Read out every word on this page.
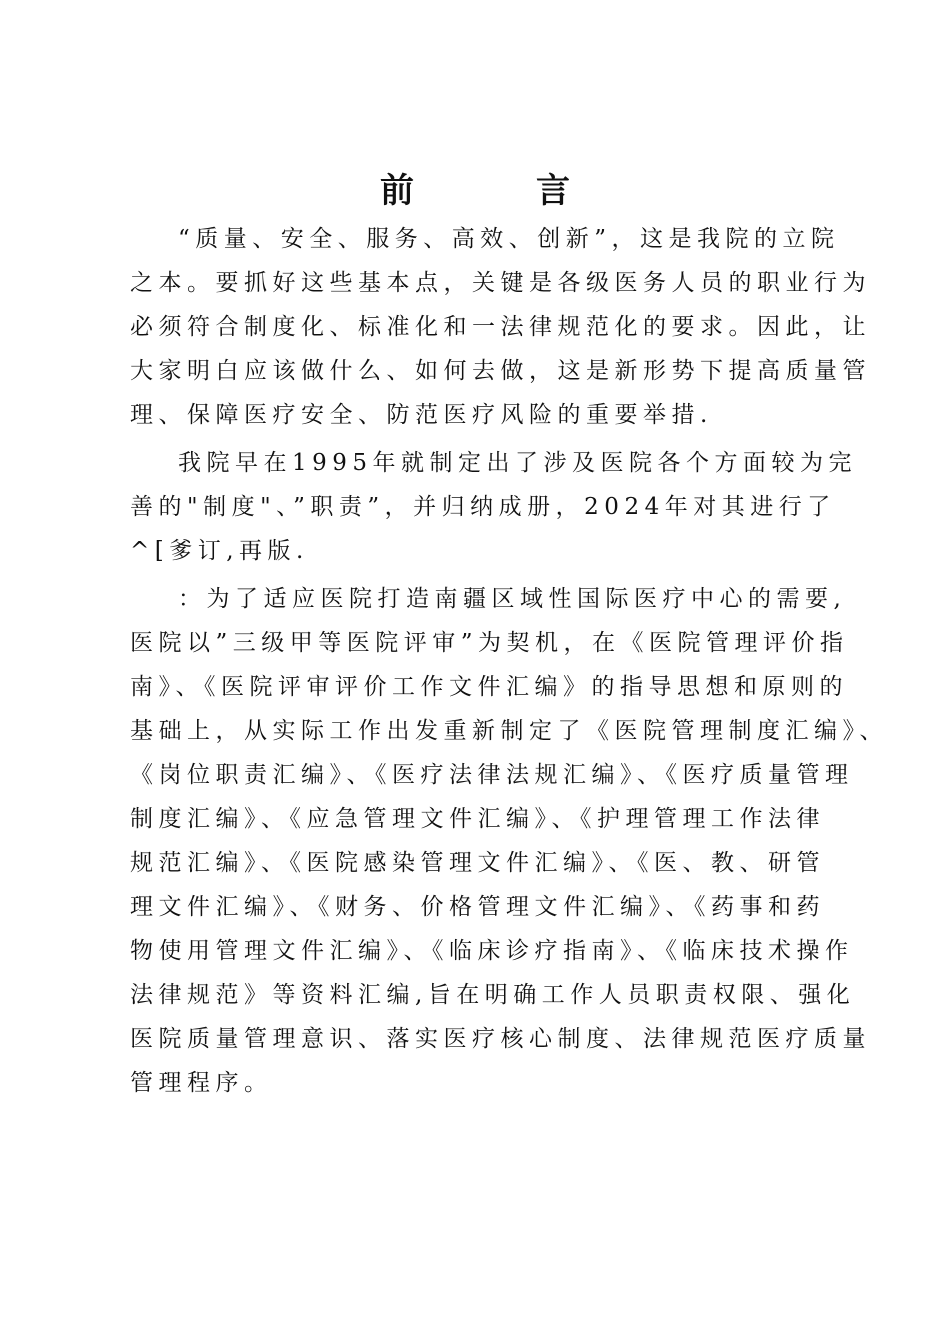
前　言
“质量、安全、服务、高效、创新”，这是我院的立院
之本。要抓好这些基本点，关键是各级医务人员的职业行为
必须符合制度化、标准化和一法律规范化的要求。因此，让
大家明白应该做什么、如何去做，这是新形势下提高质量管
理、保障医疗安全、防范医疗风险的重要举措.
我院早在1995年就制定出了涉及医院各个方面较为完
善的"制度"、”职责”，并归纳成册，2024年对其进行了
^[爹订,再版.
：为了适应医院打造南疆区域性国际医疗中心的需要,
医院以”三级甲等医院评审”为契机，在《医院管理评价指
南》、《医院评审评价工作文件汇编》的指导思想和原则的
基础上，从实际工作出发重新制定了《医院管理制度汇编》、
《岗位职责汇编》、《医疗法律法规汇编》、《医疗质量管理
制度汇编》、《应急管理文件汇编》、《护理管理工作法律
规范汇编》、《医院感染管理文件汇编》、《医、教、研管
理文件汇编》、《财务、价格管理文件汇编》、《药事和药
物使用管理文件汇编》、《临床诊疗指南》、《临床技术操作
法律规范》等资料汇编,旨在明确工作人员职责权限、强化
医院质量管理意识、落实医疗核心制度、法律规范医疗质量
管理程序。
